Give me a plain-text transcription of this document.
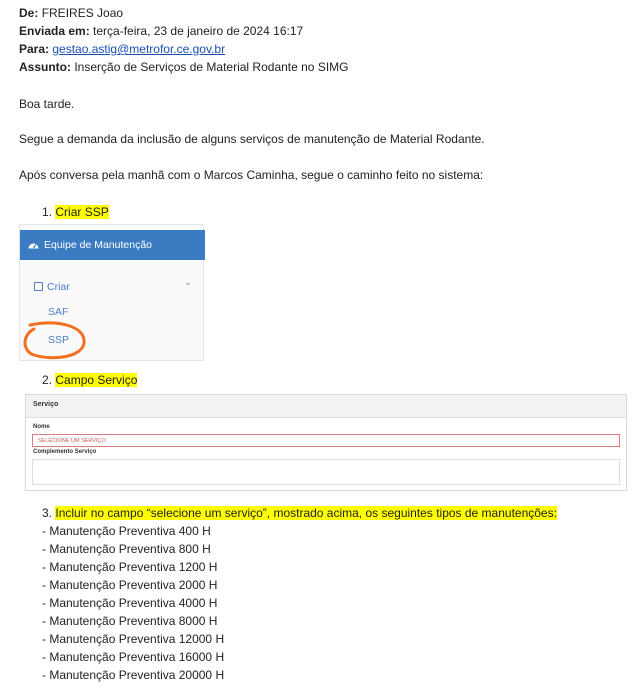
De: FREIRES Joao
Enviada em: terça-feira, 23 de janeiro de 2024 16:17
Para: gestao.astig@metrofor.ce.gov.br
Assunto: Inserção de Serviços de Material Rodante no SIMG
Boa tarde.
Segue a demanda da inclusão de alguns serviços de manutenção de Material Rodante.
Após conversa pela manhã com o Marcos Caminha, segue o caminho feito no sistema:
1. Criar SSP
Equipe de Manutenção
Criar	⌄
SAF
SSP
2. Campo Serviço
Serviço
Nome
SELECIONE UM SERVIÇO
Complemento Serviço
3. Incluir no campo “selecione um serviço”, mostrado acima, os seguintes tipos de manutenções:
- Manutenção Preventiva 400 H
- Manutenção Preventiva 800 H
- Manutenção Preventiva 1200 H
- Manutenção Preventiva 2000 H
- Manutenção Preventiva 4000 H
- Manutenção Preventiva 8000 H
- Manutenção Preventiva 12000 H
- Manutenção Preventiva 16000 H
- Manutenção Preventiva 20000 H
